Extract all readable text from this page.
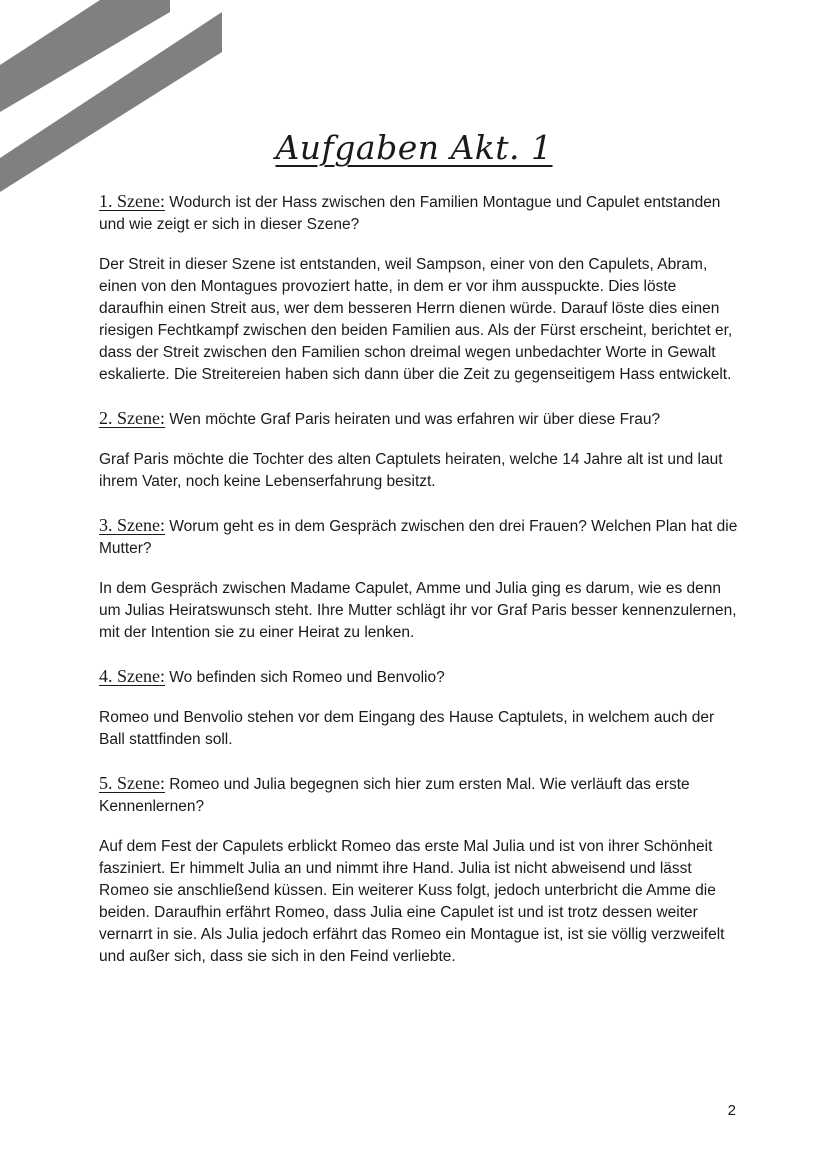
Aufgaben Akt. 1

1. Szene: Wodurch ist der Hass zwischen den Familien Montague und Capulet entstanden und wie zeigt er sich in dieser Szene?

Der Streit in dieser Szene ist entstanden, weil Sampson, einer von den Capulets, Abram, einen von den Montagues provoziert hatte, in dem er vor ihm ausspuckte. Dies löste daraufhin einen Streit aus, wer dem besseren Herrn dienen würde. Darauf löste dies einen riesigen Fechtkampf zwischen den beiden Familien aus. Als der Fürst erscheint, berichtet er, dass der Streit zwischen den Familien schon dreimal wegen unbedachter Worte in Gewalt eskalierte. Die Streitereien haben sich dann über die Zeit zu gegenseitigem Hass entwickelt.

2. Szene: Wen möchte Graf Paris heiraten und was erfahren wir über diese Frau?

Graf Paris möchte die Tochter des alten Captulets heiraten, welche 14 Jahre alt ist und laut ihrem Vater, noch keine Lebenserfahrung besitzt.

3. Szene: Worum geht es in dem Gespräch zwischen den drei Frauen? Welchen Plan hat die Mutter?

In dem Gespräch zwischen Madame Capulet, Amme und Julia ging es darum, wie es denn um Julias Heiratswunsch steht. Ihre Mutter schlägt ihr vor Graf Paris besser kennenzulernen, mit der Intention sie zu einer Heirat zu lenken.

4. Szene: Wo befinden sich Romeo und Benvolio?

Romeo und Benvolio stehen vor dem Eingang des Hause Captulets, in welchem auch der Ball stattfinden soll.

5. Szene: Romeo und Julia begegnen sich hier zum ersten Mal. Wie verläuft das erste Kennenlernen?

Auf dem Fest der Capulets erblickt Romeo das erste Mal Julia und ist von ihrer Schönheit fasziniert. Er himmelt Julia an und nimmt ihre Hand. Julia ist nicht abweisend und lässt Romeo sie anschließend küssen. Ein weiterer Kuss folgt, jedoch unterbricht die Amme die beiden. Daraufhin erfährt Romeo, dass Julia eine Capulet ist und ist trotz dessen weiter vernarrt in sie. Als Julia jedoch erfährt das Romeo ein Montague ist, ist sie völlig verzweifelt und außer sich, dass sie sich in den Feind verliebte.

2
